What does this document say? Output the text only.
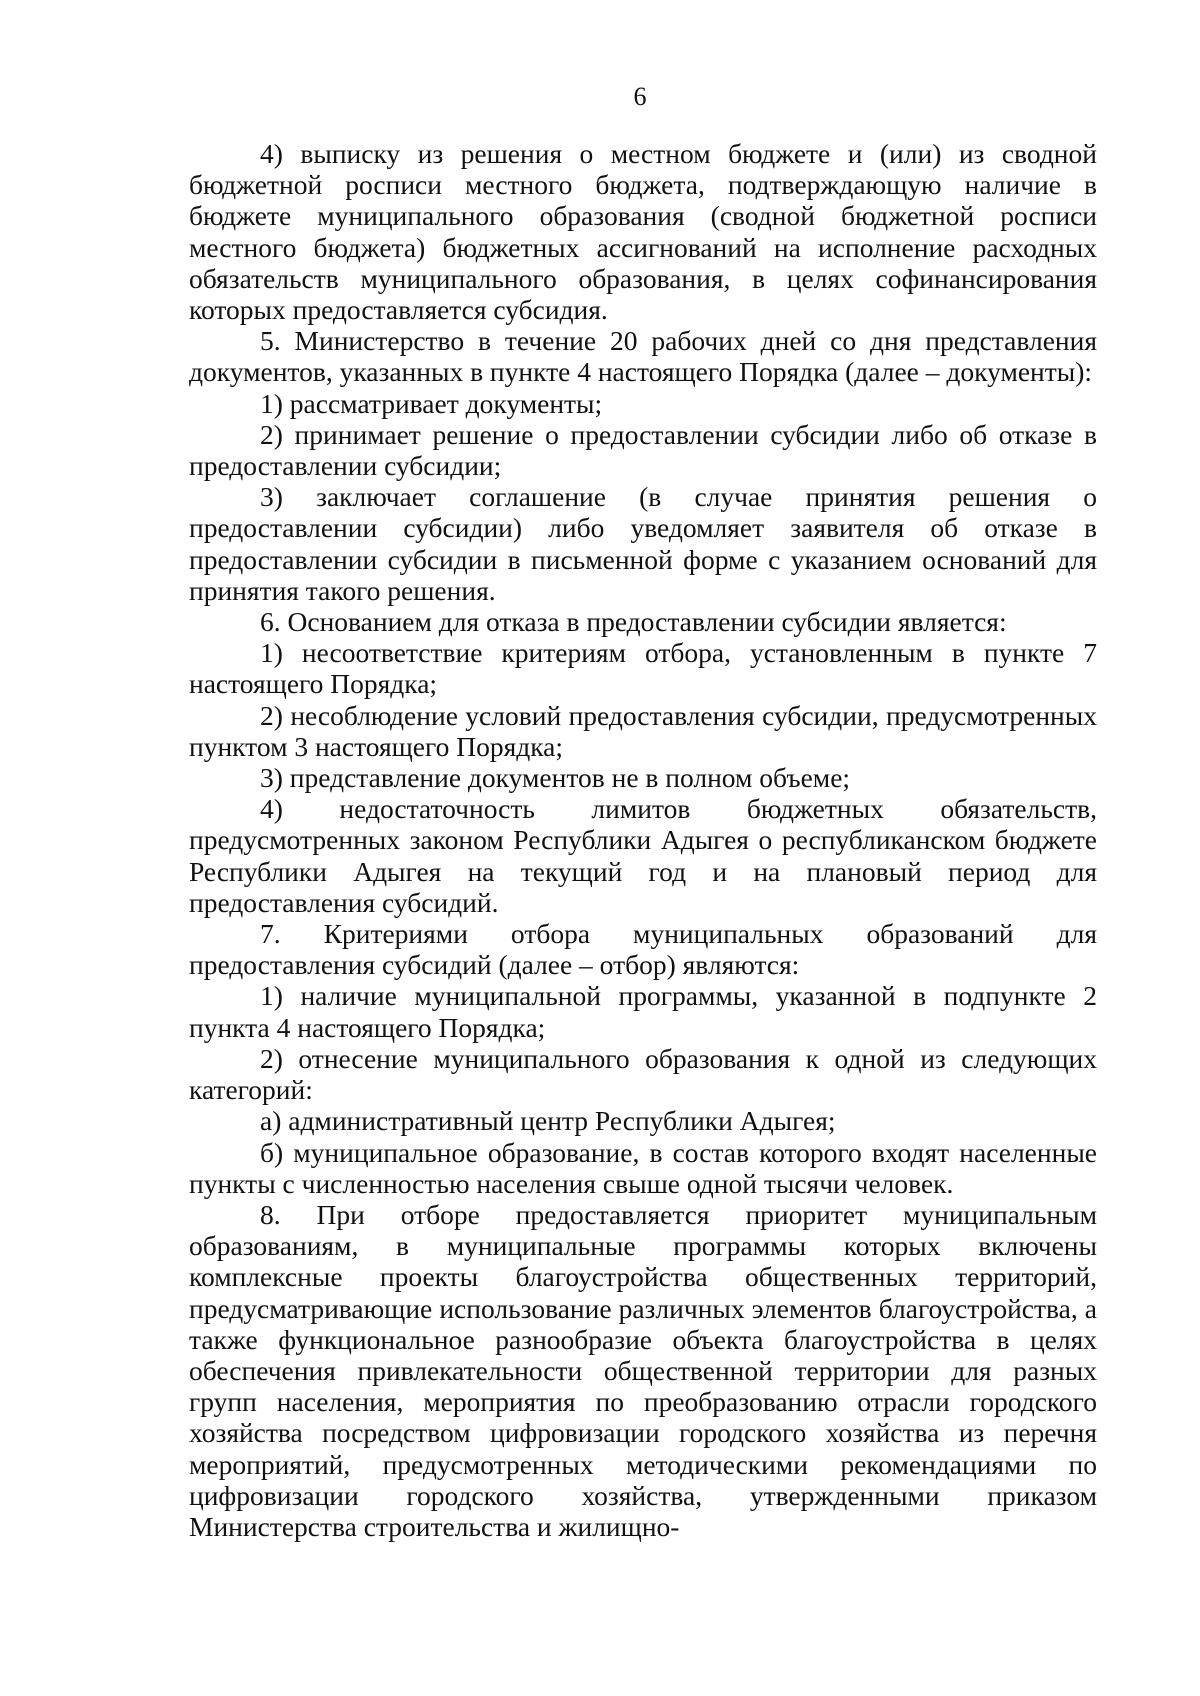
6

4) выписку из решения о местном бюджете и (или) из сводной бюджетной росписи местного бюджета, подтверждающую наличие в бюджете муниципального образования (сводной бюджетной росписи местного бюджета) бюджетных ассигнований на исполнение расходных обязательств муниципального образования, в целях софинансирования которых предоставляется субсидия.

5. Министерство в течение 20 рабочих дней со дня представления документов, указанных в пункте 4 настоящего Порядка (далее – документы):

1) рассматривает документы;

2) принимает решение о предоставлении субсидии либо об отказе в предоставлении субсидии;

3) заключает соглашение (в случае принятия решения о предоставлении субсидии) либо уведомляет заявителя об отказе в предоставлении субсидии в письменной форме с указанием оснований для принятия такого решения.

6. Основанием для отказа в предоставлении субсидии является:

1) несоответствие критериям отбора, установленным в пункте 7 настоящего Порядка;

2) несоблюдение условий предоставления субсидии, предусмотренных пунктом 3 настоящего Порядка;

3) представление документов не в полном объеме;

4) недостаточность лимитов бюджетных обязательств, предусмотренных законом Республики Адыгея о республиканском бюджете Республики Адыгея на текущий год и на плановый период для предоставления субсидий.

7. Критериями отбора муниципальных образований для предоставления субсидий (далее – отбор) являются:

1) наличие муниципальной программы, указанной в подпункте 2 пункта 4 настоящего Порядка;

2) отнесение муниципального образования к одной из следующих категорий:

а) административный центр Республики Адыгея;

б) муниципальное образование, в состав которого входят населенные пункты с численностью населения свыше одной тысячи человек.

8. При отборе предоставляется приоритет муниципальным образованиям, в муниципальные программы которых включены комплексные проекты благоустройства общественных территорий, предусматривающие использование различных элементов благоустройства, а также функциональное разнообразие объекта благоустройства в целях обеспечения привлекательности общественной территории для разных групп населения, мероприятия по преобразованию отрасли городского хозяйства посредством цифровизации городского хозяйства из перечня мероприятий, предусмотренных методическими рекомендациями по цифровизации городского хозяйства, утвержденными приказом Министерства строительства и жилищно-
